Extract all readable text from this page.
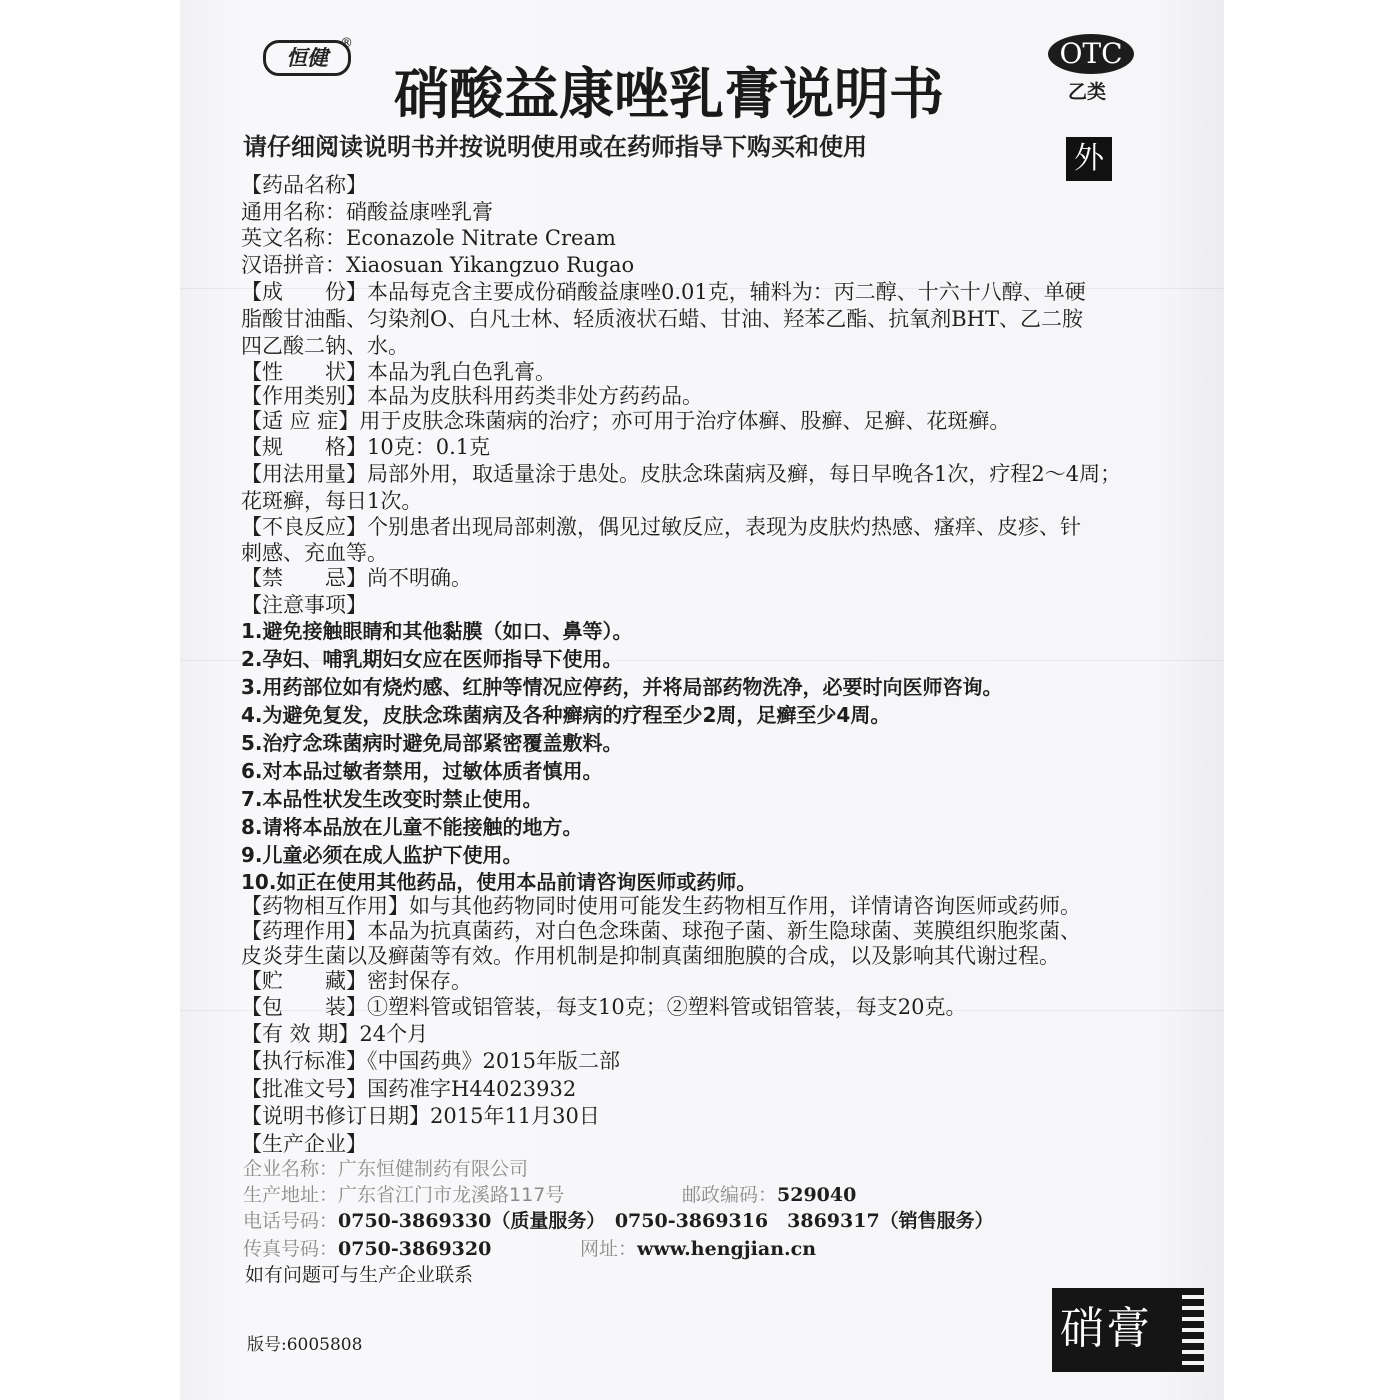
恒健
®
硝酸益康唑乳膏说明书
OTC
乙类
外
请仔细阅读说明书并按说明使用或在药师指导下购买和使用
【药品名称】
通用名称：硝酸益康唑乳膏
英文名称：Econazole Nitrate Cream
汉语拼音：Xiaosuan Yikangzuo Rugao
【成　　份】本品每克含主要成份硝酸益康唑0.01克，辅料为：丙二醇、十六十八醇、单硬
脂酸甘油酯、匀染剂O、白凡士林、轻质液状石蜡、甘油、羟苯乙酯、抗氧剂BHT、乙二胺
四乙酸二钠、水。
【性　　状】本品为乳白色乳膏。
【作用类别】本品为皮肤科用药类非处方药药品。
【适 应 症】用于皮肤念珠菌病的治疗；亦可用于治疗体癣、股癣、足癣、花斑癣。
【规　　格】10克：0.1克
【用法用量】局部外用，取适量涂于患处。皮肤念珠菌病及癣，每日早晚各1次，疗程2～4周；
花斑癣，每日1次。
【不良反应】个别患者出现局部刺激，偶见过敏反应，表现为皮肤灼热感、瘙痒、皮疹、针
刺感、充血等。
【禁　　忌】尚不明确。
【注意事项】
1.避免接触眼睛和其他黏膜（如口、鼻等）。
2.孕妇、哺乳期妇女应在医师指导下使用。
3.用药部位如有烧灼感、红肿等情况应停药，并将局部药物洗净，必要时向医师咨询。
4.为避免复发，皮肤念珠菌病及各种癣病的疗程至少2周，足癣至少4周。
5.治疗念珠菌病时避免局部紧密覆盖敷料。
6.对本品过敏者禁用，过敏体质者慎用。
7.本品性状发生改变时禁止使用。
8.请将本品放在儿童不能接触的地方。
9.儿童必须在成人监护下使用。
10.如正在使用其他药品，使用本品前请咨询医师或药师。
【药物相互作用】如与其他药物同时使用可能发生药物相互作用，详情请咨询医师或药师。
【药理作用】本品为抗真菌药，对白色念珠菌、球孢子菌、新生隐球菌、荚膜组织胞浆菌、
皮炎芽生菌以及癣菌等有效。作用机制是抑制真菌细胞膜的合成，以及影响其代谢过程。
【贮　　藏】密封保存。
【包　　装】①塑料管或铝管装，每支10克；②塑料管或铝管装，每支20克。
【有 效 期】24个月
【执行标准】《中国药典》2015年版二部
【批准文号】国药准字H44023932
【说明书修订日期】2015年11月30日
【生产企业】
企业名称：广东恒健制药有限公司
生产地址：广东省江门市龙溪路117号	邮政编码：529040
电话号码：0750-3869330（质量服务）　0750-3869316　3869317（销售服务）
传真号码：0750-3869320	网址：www.hengjian.cn
如有问题可与生产企业联系
版号:6005808	硝膏
